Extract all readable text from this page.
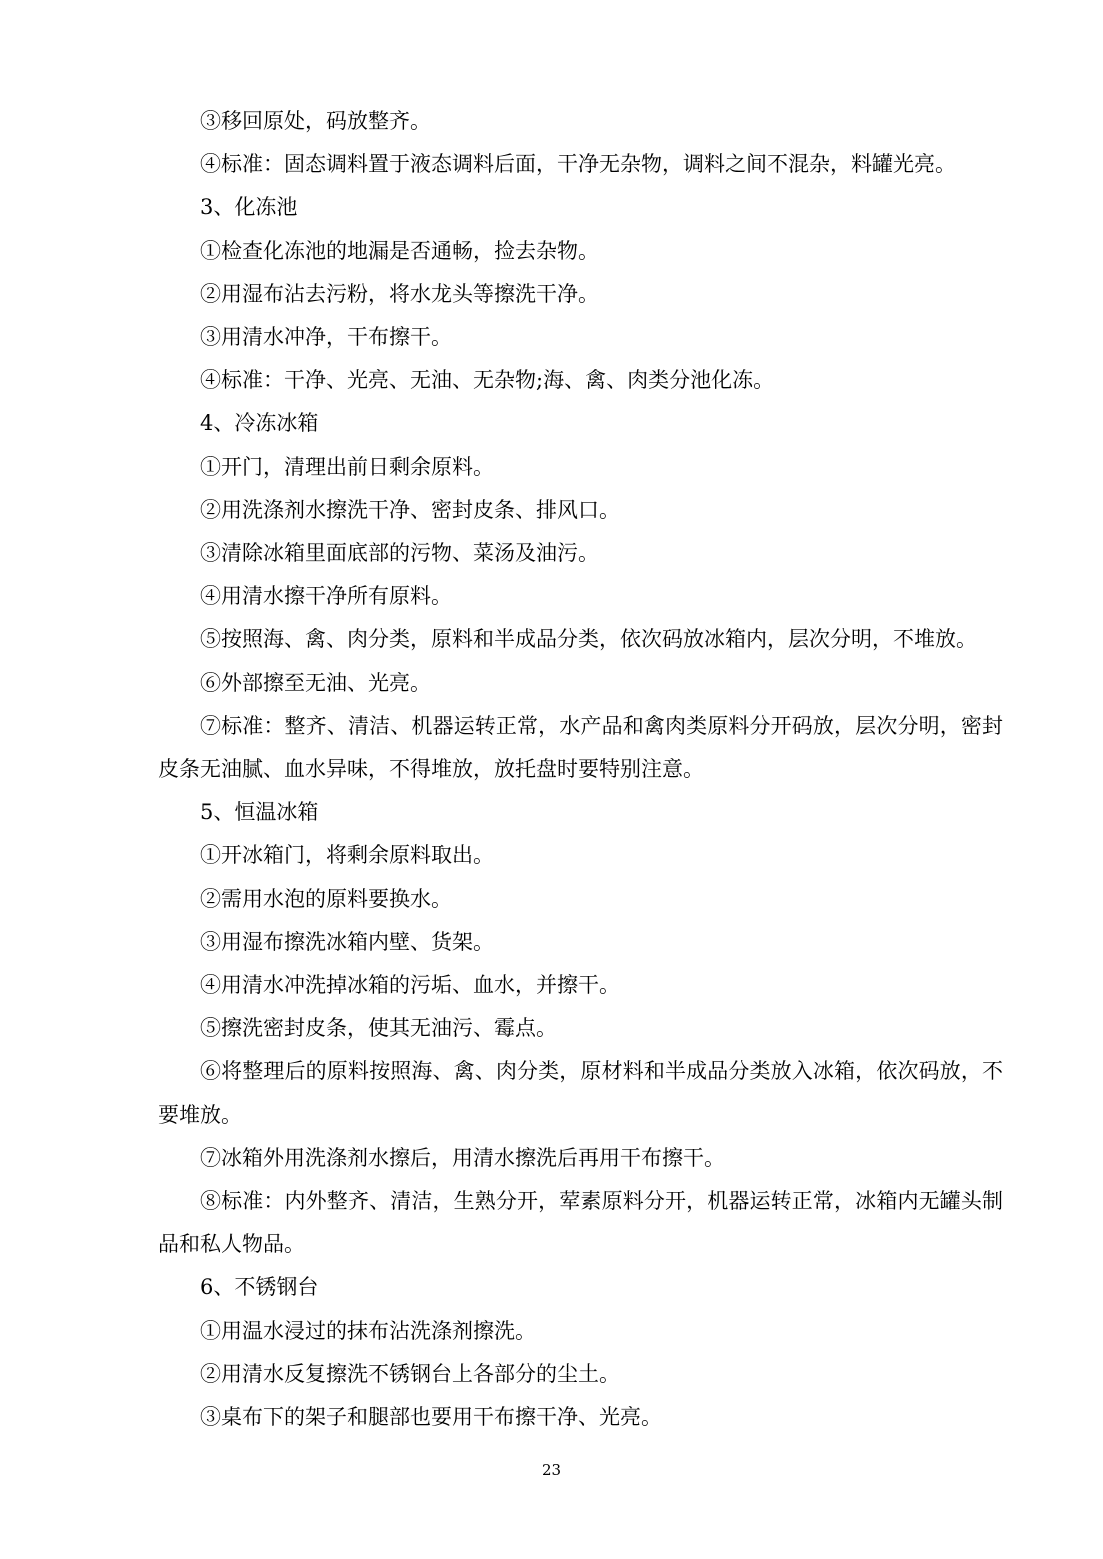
③移回原处，码放整齐。

④标准：固态调料置于液态调料后面，干净无杂物，调料之间不混杂，料罐光亮。

3、化冻池

①检查化冻池的地漏是否通畅，捡去杂物。

②用湿布沾去污粉，将水龙头等擦洗干净。

③用清水冲净，干布擦干。

④标准：干净、光亮、无油、无杂物;海、禽、肉类分池化冻。

4、冷冻冰箱

①开门，清理出前日剩余原料。

②用洗涤剂水擦洗干净、密封皮条、排风口。

③清除冰箱里面底部的污物、菜汤及油污。

④用清水擦干净所有原料。

⑤按照海、禽、肉分类，原料和半成品分类，依次码放冰箱内，层次分明，不堆放。

⑥外部擦至无油、光亮。

⑦标准：整齐、清洁、机器运转正常，水产品和禽肉类原料分开码放，层次分明，密封皮条无油腻、血水异味，不得堆放，放托盘时要特别注意。

5、恒温冰箱

①开冰箱门，将剩余原料取出。

②需用水泡的原料要换水。

③用湿布擦洗冰箱内壁、货架。

④用清水冲洗掉冰箱的污垢、血水，并擦干。

⑤擦洗密封皮条，使其无油污、霉点。

⑥将整理后的原料按照海、禽、肉分类，原材料和半成品分类放入冰箱，依次码放，不要堆放。

⑦冰箱外用洗涤剂水擦后，用清水擦洗后再用干布擦干。

⑧标准：内外整齐、清洁，生熟分开，荤素原料分开，机器运转正常，冰箱内无罐头制品和私人物品。

6、不锈钢台

①用温水浸过的抹布沾洗涤剂擦洗。

②用清水反复擦洗不锈钢台上各部分的尘土。

③桌布下的架子和腿部也要用干布擦干净、光亮。

23
